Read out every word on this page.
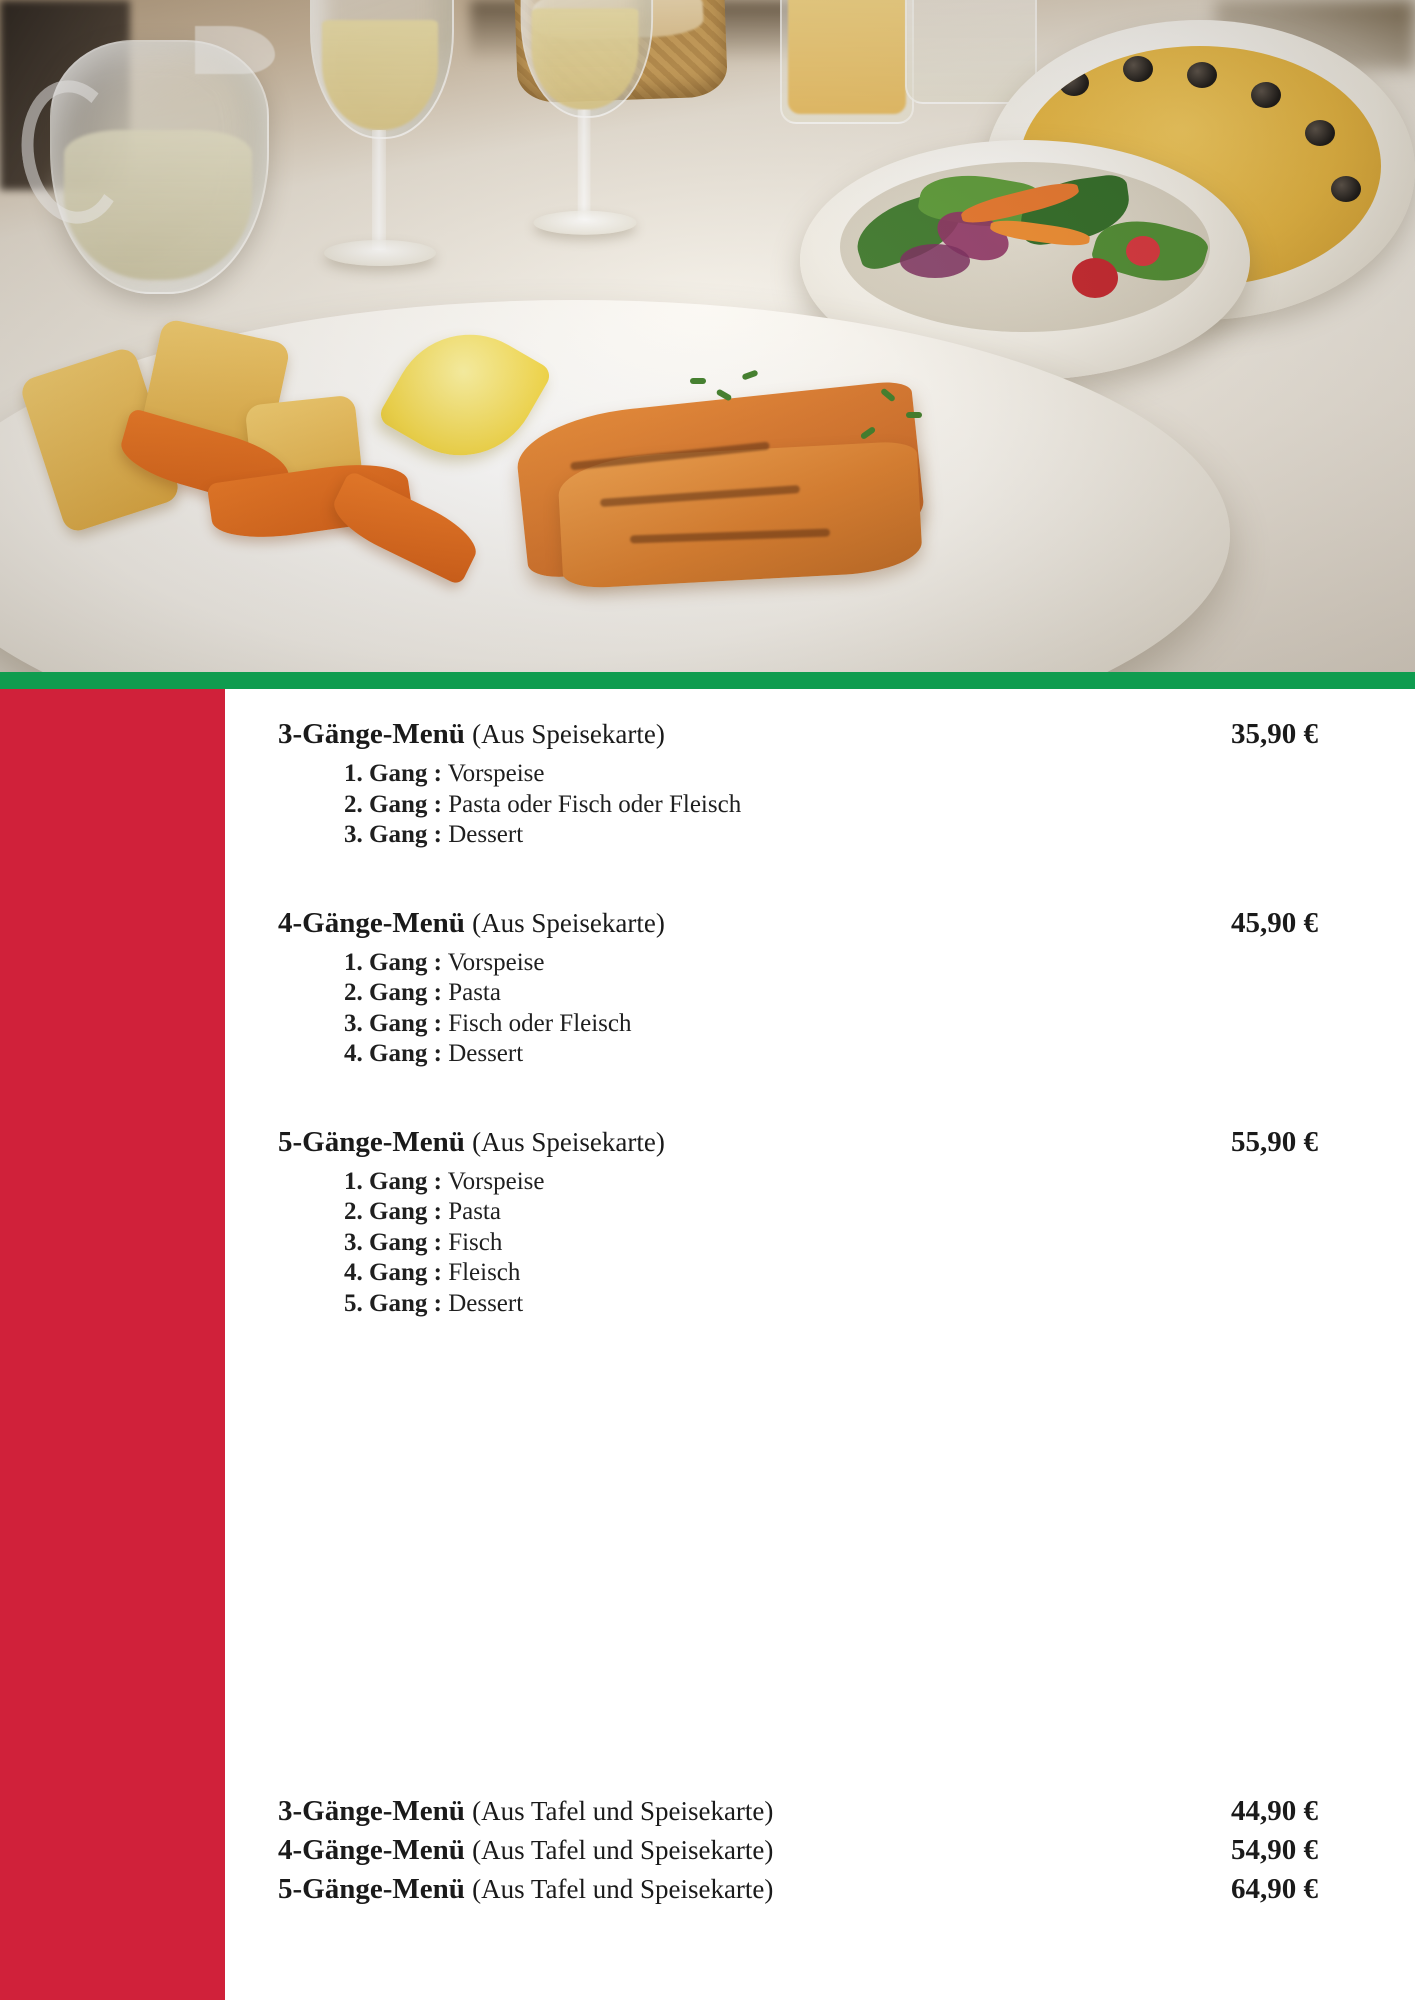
3-Gänge-Menü (Aus Speisekarte)	35,90 €
1. Gang : Vorspeise
2. Gang : Pasta oder Fisch oder Fleisch
3. Gang : Dessert
4-Gänge-Menü (Aus Speisekarte)	45,90 €
1. Gang : Vorspeise
2. Gang : Pasta
3. Gang : Fisch oder Fleisch
4. Gang : Dessert
5-Gänge-Menü (Aus Speisekarte)	55,90 €
1. Gang : Vorspeise
2. Gang : Pasta
3. Gang : Fisch
4. Gang : Fleisch
5. Gang : Dessert
3-Gänge-Menü (Aus Tafel und Speisekarte)	44,90 €
4-Gänge-Menü (Aus Tafel und Speisekarte)	54,90 €
5-Gänge-Menü (Aus Tafel und Speisekarte)	64,90 €
